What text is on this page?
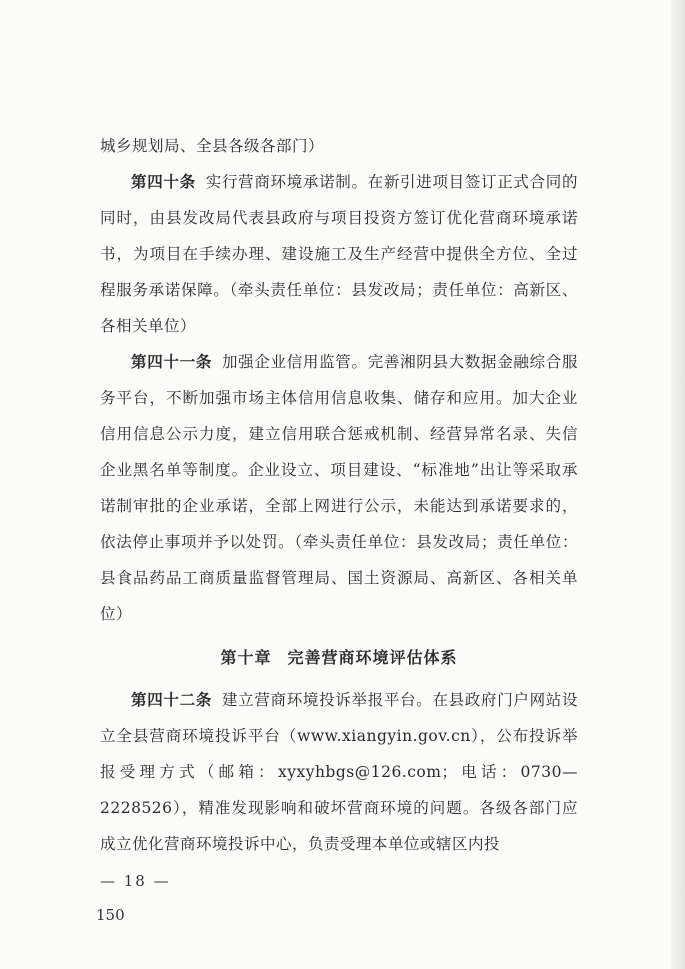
城乡规划局、全县各级各部门）

第四十条 实行营商环境承诺制。在新引进项目签订正式合同的同时，由县发改局代表县政府与项目投资方签订优化营商环境承诺书，为项目在手续办理、建设施工及生产经营中提供全方位、全过程服务承诺保障。（牵头责任单位：县发改局；责任单位：高新区、各相关单位）

第四十一条 加强企业信用监管。完善湘阴县大数据金融综合服务平台，不断加强市场主体信用信息收集、储存和应用。加大企业信用信息公示力度，建立信用联合惩戒机制、经营异常名录、失信企业黑名单等制度。企业设立、项目建设、“标准地”出让等采取承诺制审批的企业承诺，全部上网进行公示，未能达到承诺要求的，依法停止事项并予以处罚。（牵头责任单位：县发改局；责任单位：县食品药品工商质量监督管理局、国土资源局、高新区、各相关单位）

第十章 完善营商环境评估体系

第四十二条 建立营商环境投诉举报平台。在县政府门户网站设立全县营商环境投诉平台（www.xiangyin.gov.cn），公布投诉举报受理方式（邮箱：xyxyhbgs@126.com；电话：0730—2228526），精准发现影响和破坏营商环境的问题。各级各部门应成立优化营商环境投诉中心，负责受理本单位或辖区内投

— 18 —
150
